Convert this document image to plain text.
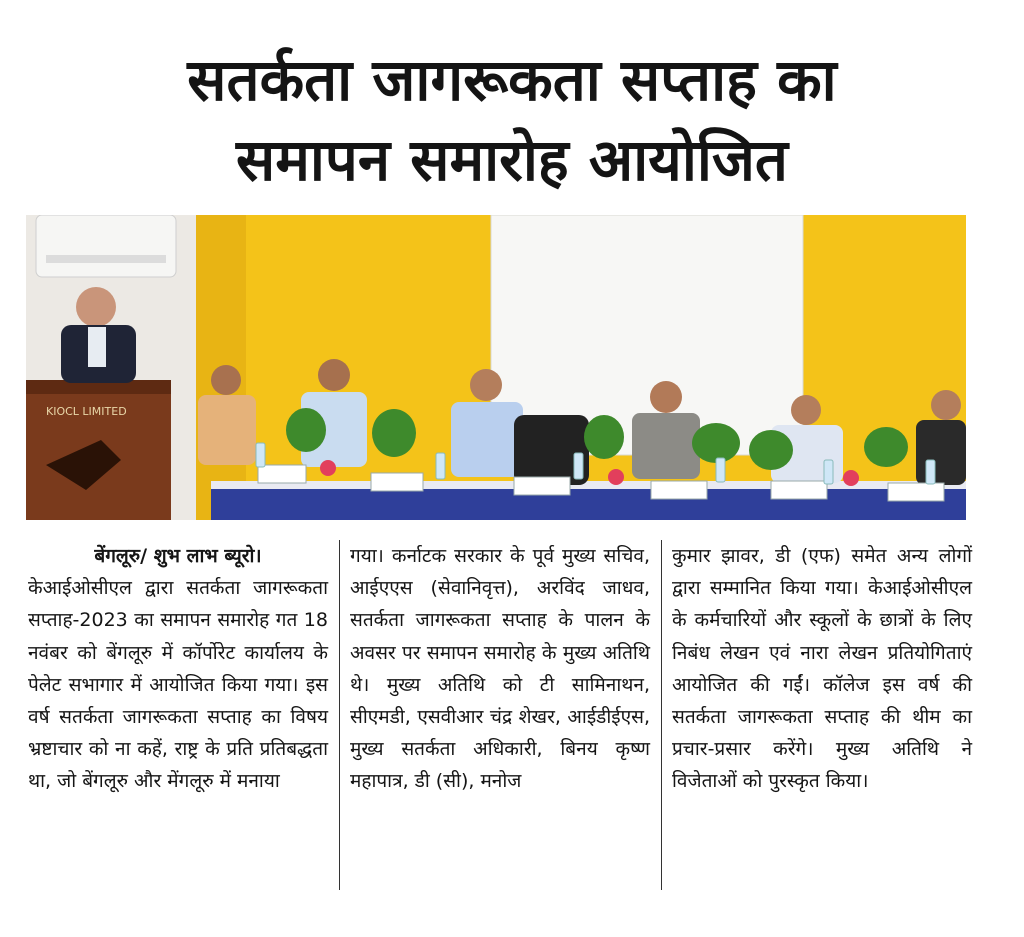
सतर्कता जागरूकता सप्ताह का
समापन समारोह आयोजित
KIOCL LIMITED

बेंगलूरु/ शुभ लाभ ब्यूरो।

केआईओसीएल द्वारा सतर्कता जागरूकता सप्ताह-2023 का समापन समारोह गत 18 नवंबर को बेंगलूरु में कॉर्पोरेट कार्यालय के पेलेट सभागार में आयोजित किया गया। इस वर्ष सतर्कता जागरूकता सप्ताह का विषय भ्रष्टाचार को ना कहें, राष्ट्र के प्रति प्रतिबद्धता था, जो बेंगलूरु और मेंगलूरु में मनाया

गया। कर्नाटक सरकार के पूर्व मुख्य सचिव, आईएएस (सेवानिवृत्त), अरविंद जाधव, सतर्कता जागरूकता सप्ताह के पालन के अवसर पर समापन समारोह के मुख्य अतिथि थे। मुख्य अतिथि को टी सामिनाथन, सीएमडी, एसवीआर चंद्र शेखर, आईडीईएस, मुख्य सतर्कता अधिकारी, बिनय कृष्ण महापात्र, डी (सी), मनोज

कुमार झावर, डी (एफ) समेत अन्य लोगों द्वारा सम्मानित किया गया। केआईओसीएल के कर्मचारियों और स्कूलों के छात्रों के लिए निबंध लेखन एवं नारा लेखन प्रतियोगिताएं आयोजित की गईं। कॉलेज इस वर्ष की सतर्कता जागरूकता सप्ताह की थीम का प्रचार-प्रसार करेंगे। मुख्य अतिथि ने विजेताओं को पुरस्कृत किया।
